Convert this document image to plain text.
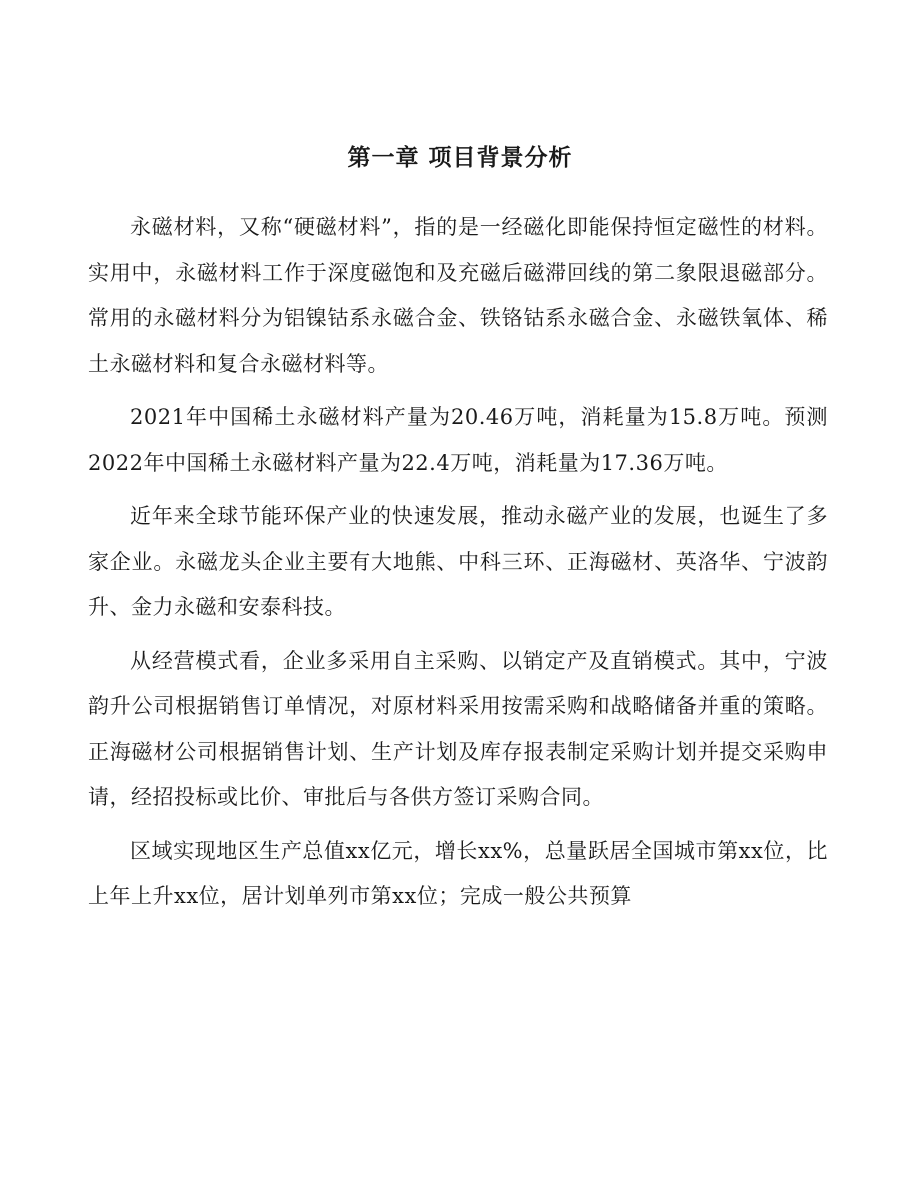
第一章 项目背景分析

永磁材料，又称“硬磁材料”，指的是一经磁化即能保持恒定磁性的材料。实用中，永磁材料工作于深度磁饱和及充磁后磁滞回线的第二象限退磁部分。常用的永磁材料分为铝镍钴系永磁合金、铁铬钴系永磁合金、永磁铁氧体、稀土永磁材料和复合永磁材料等。

2021年中国稀土永磁材料产量为20.46万吨，消耗量为15.8万吨。预测2022年中国稀土永磁材料产量为22.4万吨，消耗量为17.36万吨。

近年来全球节能环保产业的快速发展，推动永磁产业的发展，也诞生了多家企业。永磁龙头企业主要有大地熊、中科三环、正海磁材、英洛华、宁波韵升、金力永磁和安泰科技。

从经营模式看，企业多采用自主采购、以销定产及直销模式。其中，宁波韵升公司根据销售订单情况，对原材料采用按需采购和战略储备并重的策略。正海磁材公司根据销售计划、生产计划及库存报表制定采购计划并提交采购申请，经招投标或比价、审批后与各供方签订采购合同。

区域实现地区生产总值xx亿元，增长xx%，总量跃居全国城市第xx位，比上年上升xx位，居计划单列市第xx位；完成一般公共预算
